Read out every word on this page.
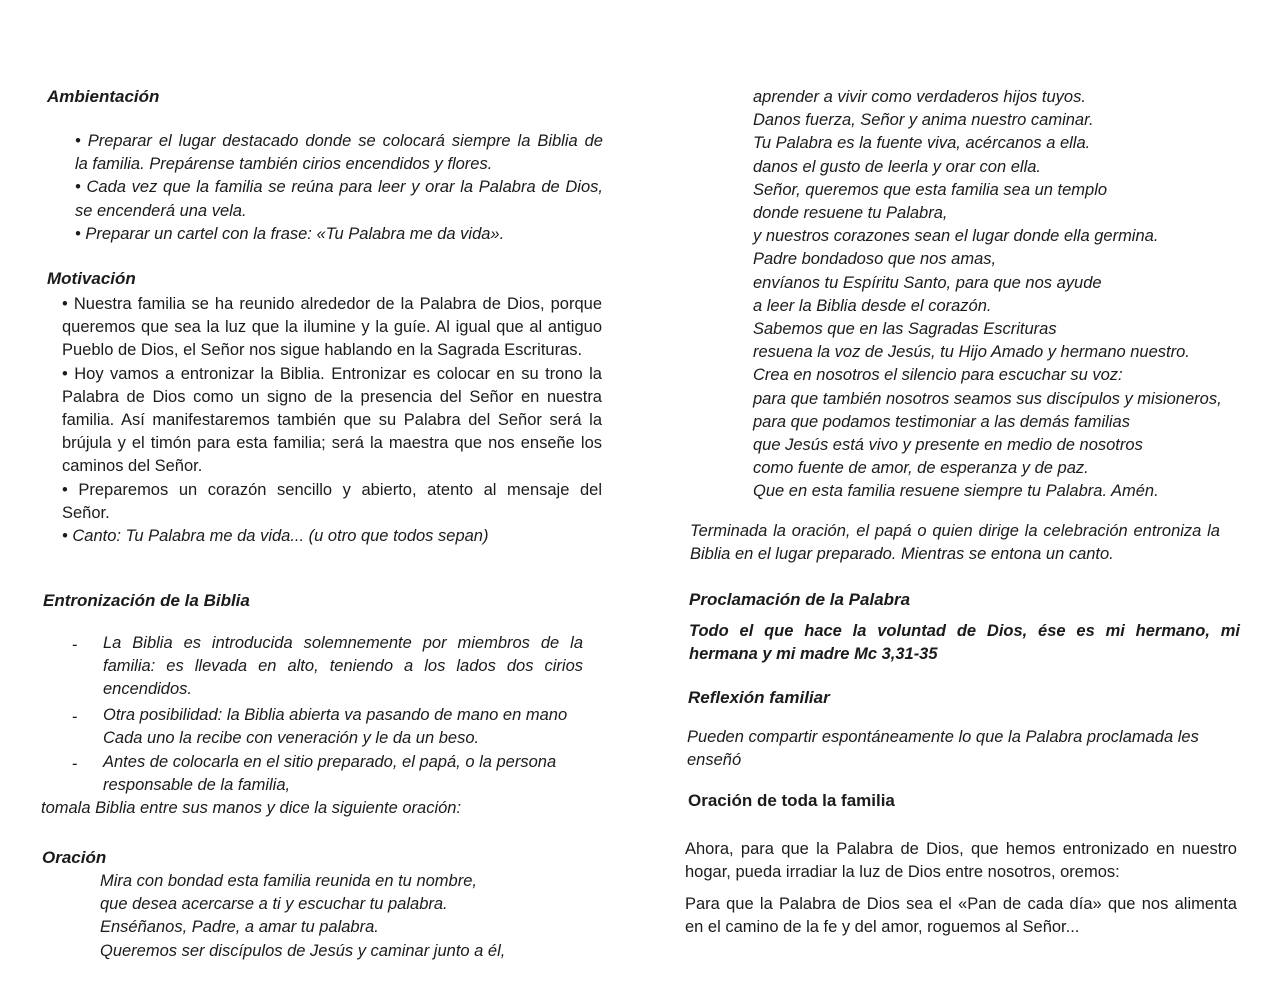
Ambientación
• Preparar el lugar destacado donde se colocará siempre la Biblia de
la familia. Prepárense también cirios encendidos y flores.
• Cada vez que la familia se reúna para leer y orar la Palabra de Dios,
se encenderá una vela.
• Preparar un cartel con la frase: «Tu Palabra me da vida».
Motivación
• Nuestra familia se ha reunido alrededor de la Palabra de Dios, porque
queremos que sea la luz que la ilumine y la guíe. Al igual que al antiguo
Pueblo de Dios, el Señor nos sigue hablando en la Sagrada Escrituras.
• Hoy vamos a entronizar la Biblia. Entronizar es colocar en su trono la
Palabra de Dios como un signo de la presencia del Señor en nuestra
familia. Así manifestaremos también que su Palabra del Señor será la
brújula y el timón para esta familia; será la maestra que nos enseñe los
caminos del Señor.
• Preparemos un corazón sencillo y abierto, atento al mensaje del
Señor.
• Canto: Tu Palabra me da vida... (u otro que todos sepan)
Entronización de la Biblia
- La Biblia es introducida solemnemente por miembros de la
familia: es llevada en alto, teniendo a los lados dos cirios
encendidos.
- Otra posibilidad: la Biblia abierta va pasando de mano en mano
Cada uno la recibe con veneración y le da un beso.
- Antes de colocarla en el sitio preparado, el papá, o la persona
responsable de la familia,
tomala Biblia entre sus manos y dice la siguiente oración:
Oración
Mira con bondad esta familia reunida en tu nombre,
que desea acercarse a ti y escuchar tu palabra.
Enséñanos, Padre, a amar tu palabra.
Queremos ser discípulos de Jesús y caminar junto a él,
aprender a vivir como verdaderos hijos tuyos.
Danos fuerza, Señor y anima nuestro caminar.
Tu Palabra es la fuente viva, acércanos a ella.
danos el gusto de leerla y orar con ella.
Señor, queremos que esta familia sea un templo
donde resuene tu Palabra,
y nuestros corazones sean el lugar donde ella germina.
Padre bondadoso que nos amas,
envíanos tu Espíritu Santo, para que nos ayude
a leer la Biblia desde el corazón.
Sabemos que en las Sagradas Escrituras
resuena la voz de Jesús, tu Hijo Amado y hermano nuestro.
Crea en nosotros el silencio para escuchar su voz:
para que también nosotros seamos sus discípulos y misioneros,
para que podamos testimoniar a las demás familias
que Jesús está vivo y presente en medio de nosotros
como fuente de amor, de esperanza y de paz.
Que en esta familia resuene siempre tu Palabra. Amén.
Terminada la oración, el papá o quien dirige la celebración entroniza la
Biblia en el lugar preparado. Mientras se entona un canto.
Proclamación de la Palabra
Todo el que hace la voluntad de Dios, ése es mi hermano, mi
hermana y mi madre Mc 3,31-35
Reflexión familiar
Pueden compartir espontáneamente lo que la Palabra proclamada les
enseñó
Oración de toda la familia
Ahora, para que la Palabra de Dios, que hemos entronizado en nuestro
hogar, pueda irradiar la luz de Dios entre nosotros, oremos:
Para que la Palabra de Dios sea el «Pan de cada día» que nos alimenta
en el camino de la fe y del amor, roguemos al Señor...
